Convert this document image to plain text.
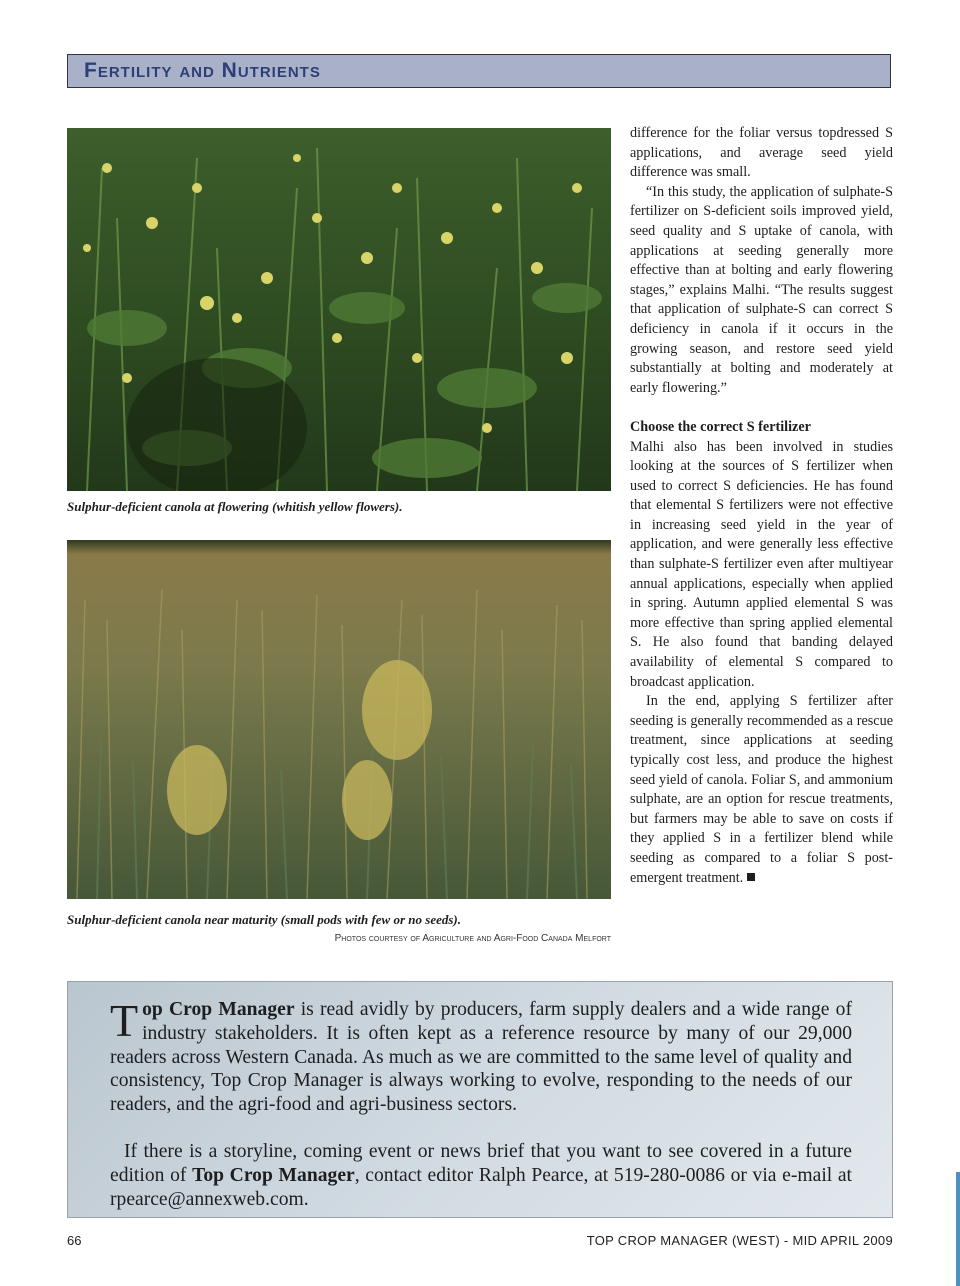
Fertility and Nutrients
Sulphur-deficient canola at flowering (whitish yellow flowers).
Sulphur-deficient canola near maturity (small pods with few or no seeds).
Photos courtesy of Agriculture and Agri-Food Canada Melfort

difference for the foliar versus topdressed S applications, and average seed yield difference was small.

“In this study, the application of sulphate-S fertilizer on S-deficient soils improved yield, seed quality and S uptake of canola, with applications at seeding generally more effective than at bolting and early flowering stages,” explains Malhi. “The results suggest that application of sulphate-S can correct S deficiency in canola if it occurs in the growing season, and restore seed yield substantially at bolting and moderately at early flowering.”

Choose the correct S fertilizer

Malhi also has been involved in studies looking at the sources of S fertilizer when used to correct S deficiencies. He has found that elemental S fertilizers were not effective in increasing seed yield in the year of application, and were generally less effective than sulphate-S fertilizer even after multiyear annual applications, especially when applied in spring. Autumn applied elemental S was more effective than spring applied elemental S. He also found that banding delayed availability of elemental S compared to broadcast application.

In the end, applying S fertilizer after seeding is generally recommended as a rescue treatment, since applications at seeding typically cost less, and produce the highest seed yield of canola. Foliar S, and ammonium sulphate, are an option for rescue treatments, but farmers may be able to save on costs if they applied S in a fertilizer blend while seeding as compared to a foliar S post-emergent treatment.

Top Crop Manager is read avidly by producers, farm supply dealers and a wide range of industry stakeholders. It is often kept as a reference resource by many of our 29,000 readers across Western Canada. As much as we are committed to the same level of quality and consistency, Top Crop Manager is always working to evolve, responding to the needs of our readers, and the agri-food and agri-business sectors.

If there is a storyline, coming event or news brief that you want to see covered in a future edition of Top Crop Manager, contact editor Ralph Pearce, at 519-280-0086 or via e-mail at rpearce@annexweb.com.

66	TOP CROP MANAGER (WEST) - MID APRIL 2009
